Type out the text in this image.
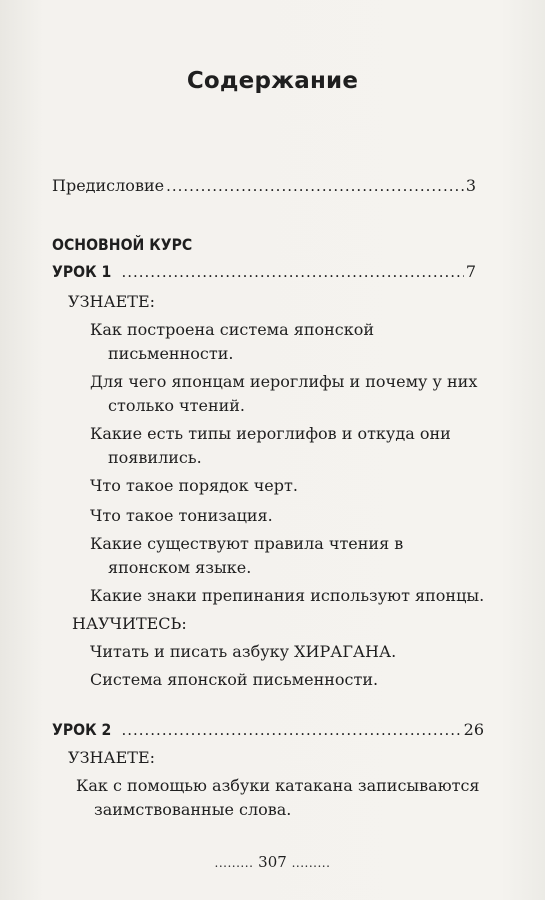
Содержание
Предисловие .....	3
ОСНОВНОЙ КУРС
УРОК 1 .....	7
УЗНАЕТЕ:
Как построена система японской
письменности.
Для чего японцам иероглифы и почему у них
столько чтений.
Какие есть типы иероглифов и откуда они
появились.
Что такое порядок черт.
Что такое тонизация.
Какие существуют правила чтения в
японском языке.
Какие знаки препинания используют японцы.
НАУЧИТЕСЬ:
Читать и писать азбуку ХИРАГАНА.
Система японской письменности.
УРОК 2 .....	26
УЗНАЕТЕ:
Как с помощью азбуки катакана записываются
заимствованные слова.
......... 307 .........
